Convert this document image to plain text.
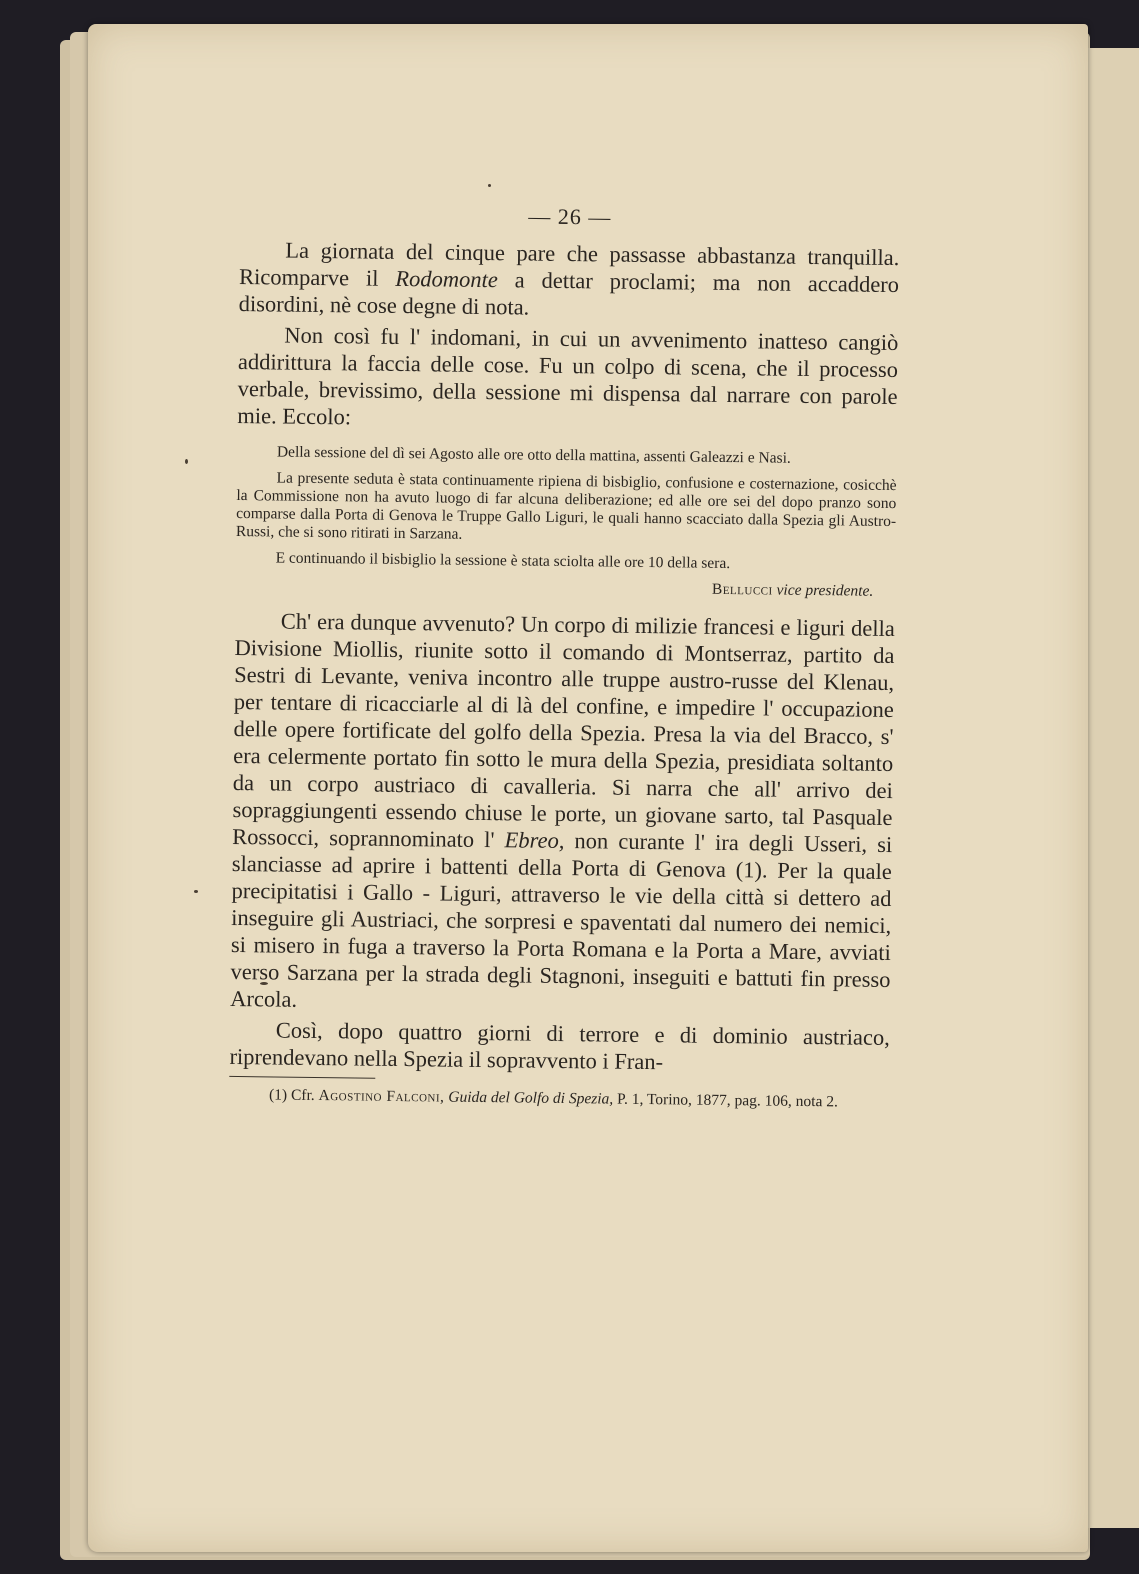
— 26 —

La giornata del cinque pare che passasse abbastanza tranquilla. Ricomparve il Rodomonte a dettar proclami; ma non accaddero disordini, nè cose degne di nota.

Non così fu l' indomani, in cui un avvenimento inatteso cangiò addirittura la faccia delle cose. Fu un colpo di scena, che il processo verbale, brevissimo, della sessione mi dispensa dal narrare con parole mie. Eccolo:

Della sessione del dì sei Agosto alle ore otto della mattina, assenti Galeazzi e Nasi.

La presente seduta è stata continuamente ripiena di bisbiglio, confusione e costernazione, cosicchè la Commissione non ha avuto luogo di far alcuna deliberazione; ed alle ore sei del dopo pranzo sono comparse dalla Porta di Genova le Truppe Gallo Liguri, le quali hanno scacciato dalla Spezia gli Austro-Russi, che si sono ritirati in Sarzana.

E continuando il bisbiglio la sessione è stata sciolta alle ore 10 della sera.

Bellucci vice presidente.

Ch' era dunque avvenuto? Un corpo di milizie francesi e liguri della Divisione Miollis, riunite sotto il comando di Montserraz, partito da Sestri di Levante, veniva incontro alle truppe austro-russe del Klenau, per tentare di ricacciarle al di là del confine, e impedire l' occupazione delle opere fortificate del golfo della Spezia. Presa la via del Bracco, s' era celermente portato fin sotto le mura della Spezia, presidiata soltanto da un corpo austriaco di cavalleria. Si narra che all' arrivo dei sopraggiungenti essendo chiuse le porte, un giovane sarto, tal Pasquale Rossocci, soprannominato l' Ebreo, non curante l' ira degli Usseri, si slanciasse ad aprire i battenti della Porta di Genova (1). Per la quale precipitatisi i Gallo - Liguri, attraverso le vie della città si dettero ad inseguire gli Austriaci, che sorpresi e spaventati dal numero dei nemici, si misero in fuga a traverso la Porta Romana e la Porta a Mare, avviati verso Sarzana per la strada degli Stagnoni, inseguiti e battuti fin presso Arcola.

Così, dopo quattro giorni di terrore e di dominio austriaco, riprendevano nella Spezia il sopravvento i Fran-

(1) Cfr. Agostino Falconi, Guida del Golfo di Spezia, P. 1, Torino, 1877, pag. 106, nota 2.
